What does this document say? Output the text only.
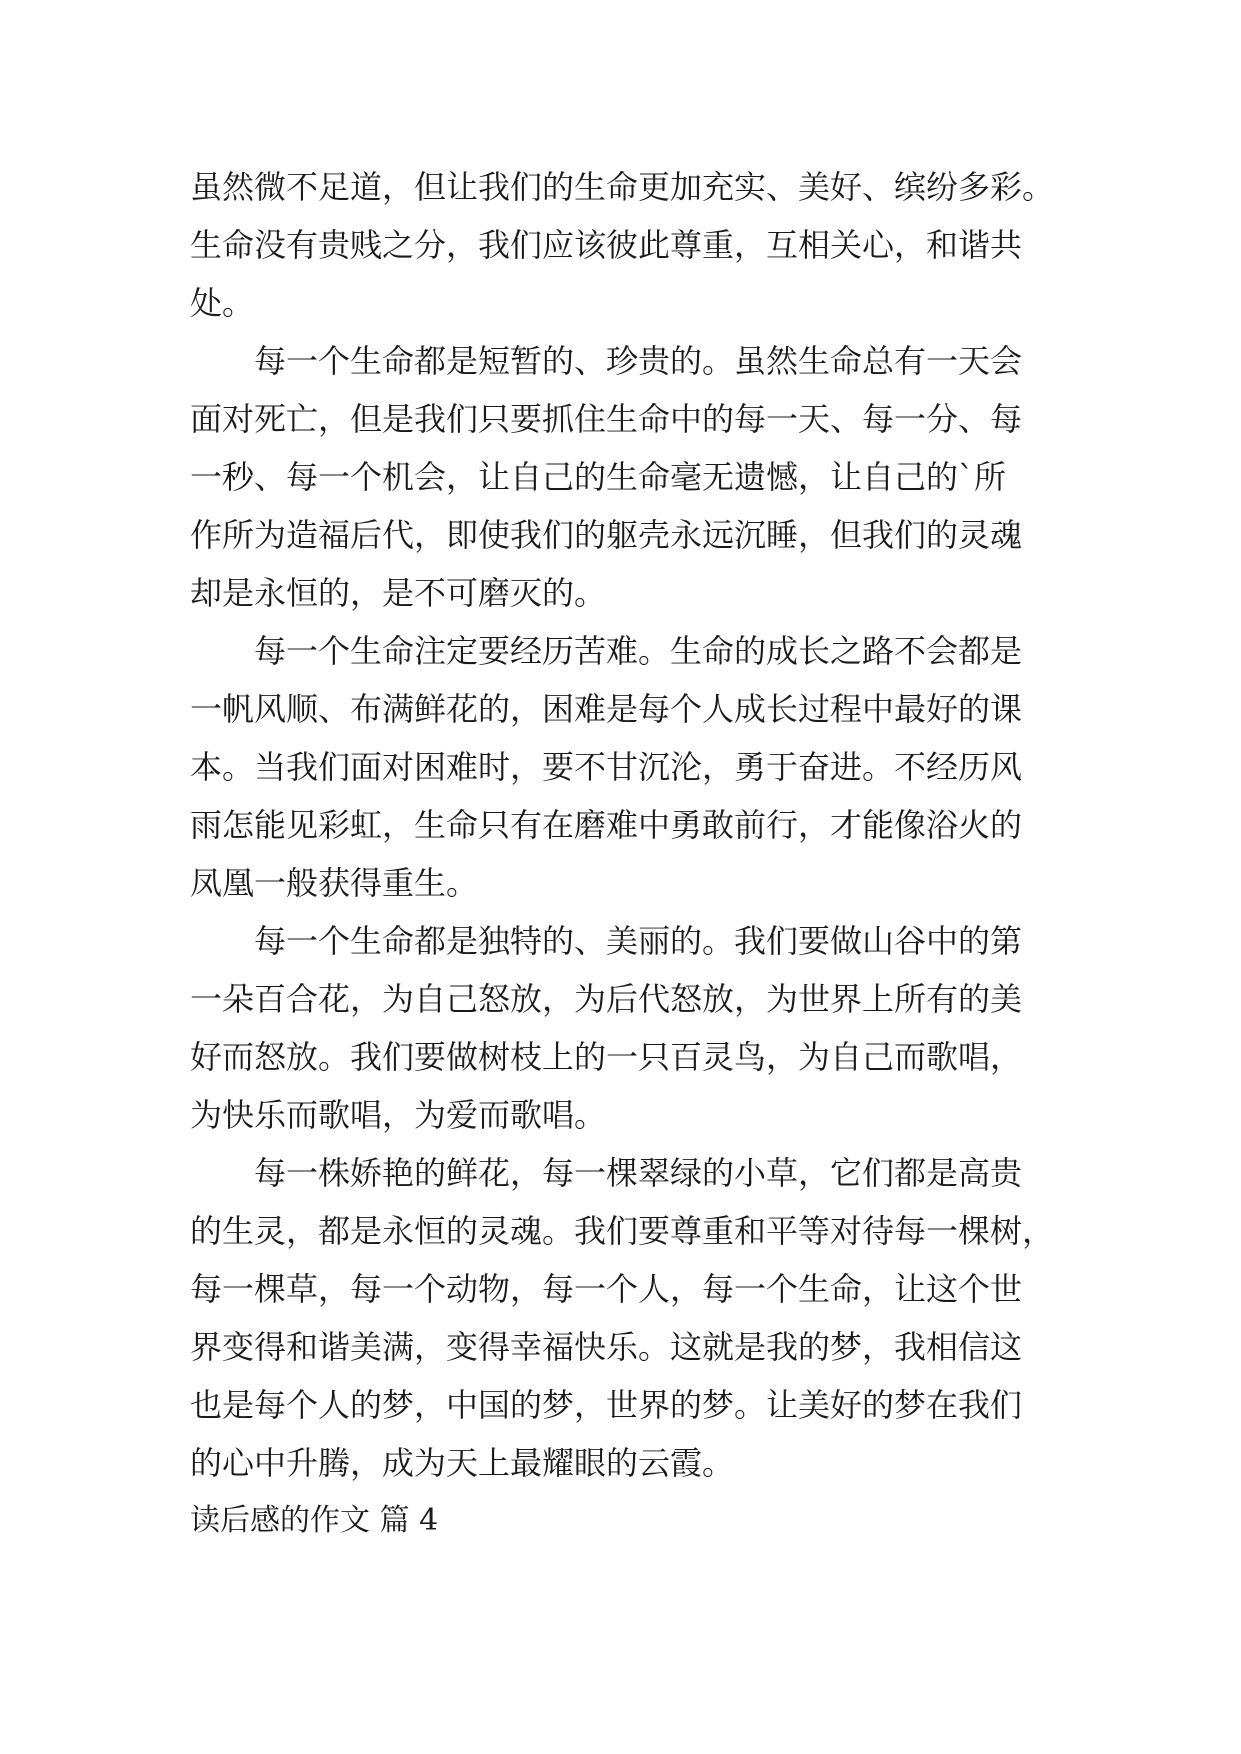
虽然微不足道，但让我们的生命更加充实、美好、缤纷多彩。
生命没有贵贱之分，我们应该彼此尊重，互相关心，和谐共
处。
每一个生命都是短暂的、珍贵的。虽然生命总有一天会
面对死亡，但是我们只要抓住生命中的每一天、每一分、每
一秒、每一个机会，让自己的生命毫无遗憾，让自己的`所
作所为造福后代，即使我们的躯壳永远沉睡，但我们的灵魂
却是永恒的，是不可磨灭的。
每一个生命注定要经历苦难。生命的成长之路不会都是
一帆风顺、布满鲜花的，困难是每个人成长过程中最好的课
本。当我们面对困难时，要不甘沉沦，勇于奋进。不经历风
雨怎能见彩虹，生命只有在磨难中勇敢前行，才能像浴火的
凤凰一般获得重生。
每一个生命都是独特的、美丽的。我们要做山谷中的第
一朵百合花，为自己怒放，为后代怒放，为世界上所有的美
好而怒放。我们要做树枝上的一只百灵鸟，为自己而歌唱，
为快乐而歌唱，为爱而歌唱。
每一株娇艳的鲜花，每一棵翠绿的小草，它们都是高贵
的生灵，都是永恒的灵魂。我们要尊重和平等对待每一棵树，
每一棵草，每一个动物，每一个人，每一个生命，让这个世
界变得和谐美满，变得幸福快乐。这就是我的梦，我相信这
也是每个人的梦，中国的梦，世界的梦。让美好的梦在我们
的心中升腾，成为天上最耀眼的云霞。
读后感的作文 篇 4
